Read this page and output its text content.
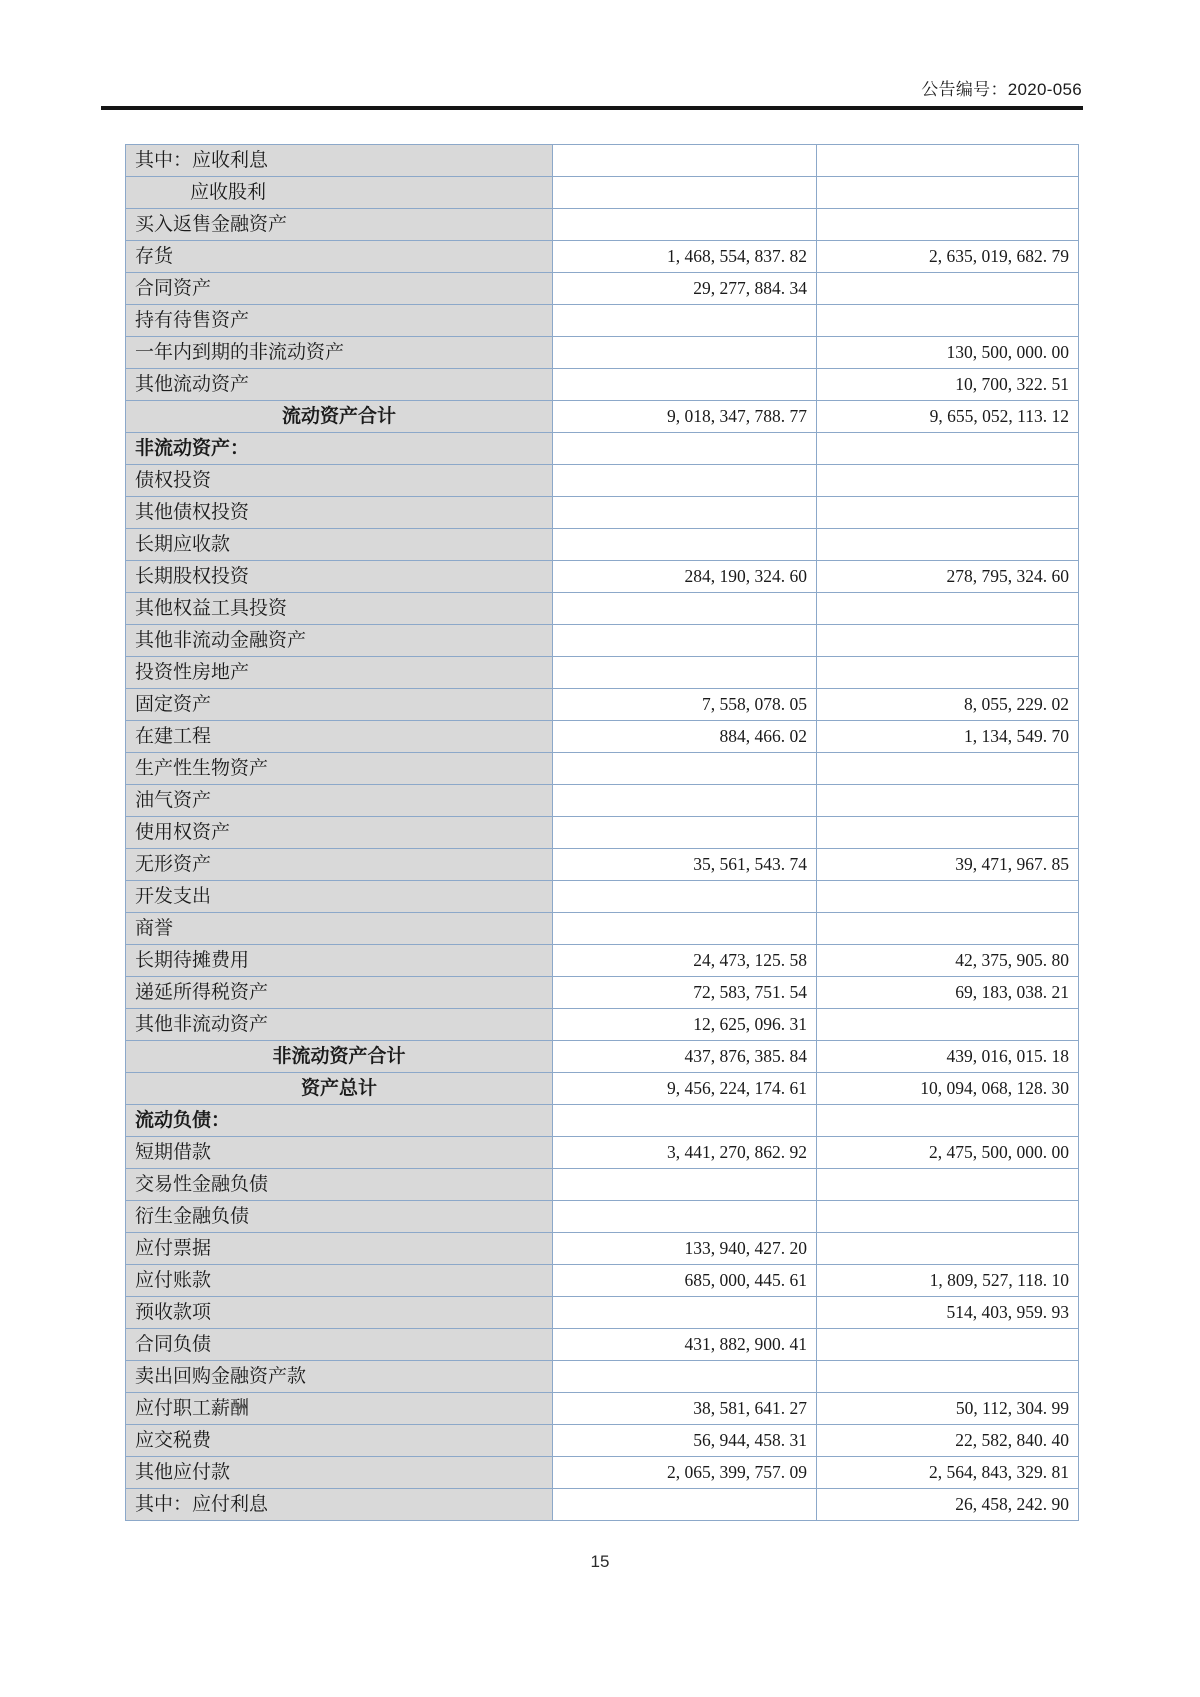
公告编号：2020-056
其中：应收利息		
应收股利		
买入返售金融资产		
存货	1, 468, 554, 837. 82	2, 635, 019, 682. 79
合同资产	29, 277, 884. 34	
持有待售资产		
一年内到期的非流动资产		130, 500, 000. 00
其他流动资产		10, 700, 322. 51
流动资产合计	9, 018, 347, 788. 77	9, 655, 052, 113. 12
非流动资产：		
债权投资		
其他债权投资		
长期应收款		
长期股权投资	284, 190, 324. 60	278, 795, 324. 60
其他权益工具投资		
其他非流动金融资产		
投资性房地产		
固定资产	7, 558, 078. 05	8, 055, 229. 02
在建工程	884, 466. 02	1, 134, 549. 70
生产性生物资产		
油气资产		
使用权资产		
无形资产	35, 561, 543. 74	39, 471, 967. 85
开发支出		
商誉		
长期待摊费用	24, 473, 125. 58	42, 375, 905. 80
递延所得税资产	72, 583, 751. 54	69, 183, 038. 21
其他非流动资产	12, 625, 096. 31	
非流动资产合计	437, 876, 385. 84	439, 016, 015. 18
资产总计	9, 456, 224, 174. 61	10, 094, 068, 128. 30
流动负债：		
短期借款	3, 441, 270, 862. 92	2, 475, 500, 000. 00
交易性金融负债		
衍生金融负债		
应付票据	133, 940, 427. 20	
应付账款	685, 000, 445. 61	1, 809, 527, 118. 10
预收款项		514, 403, 959. 93
合同负债	431, 882, 900. 41	
卖出回购金融资产款		
应付职工薪酬	38, 581, 641. 27	50, 112, 304. 99
应交税费	56, 944, 458. 31	22, 582, 840. 40
其他应付款	2, 065, 399, 757. 09	2, 564, 843, 329. 81
其中：应付利息		26, 458, 242. 90
15
